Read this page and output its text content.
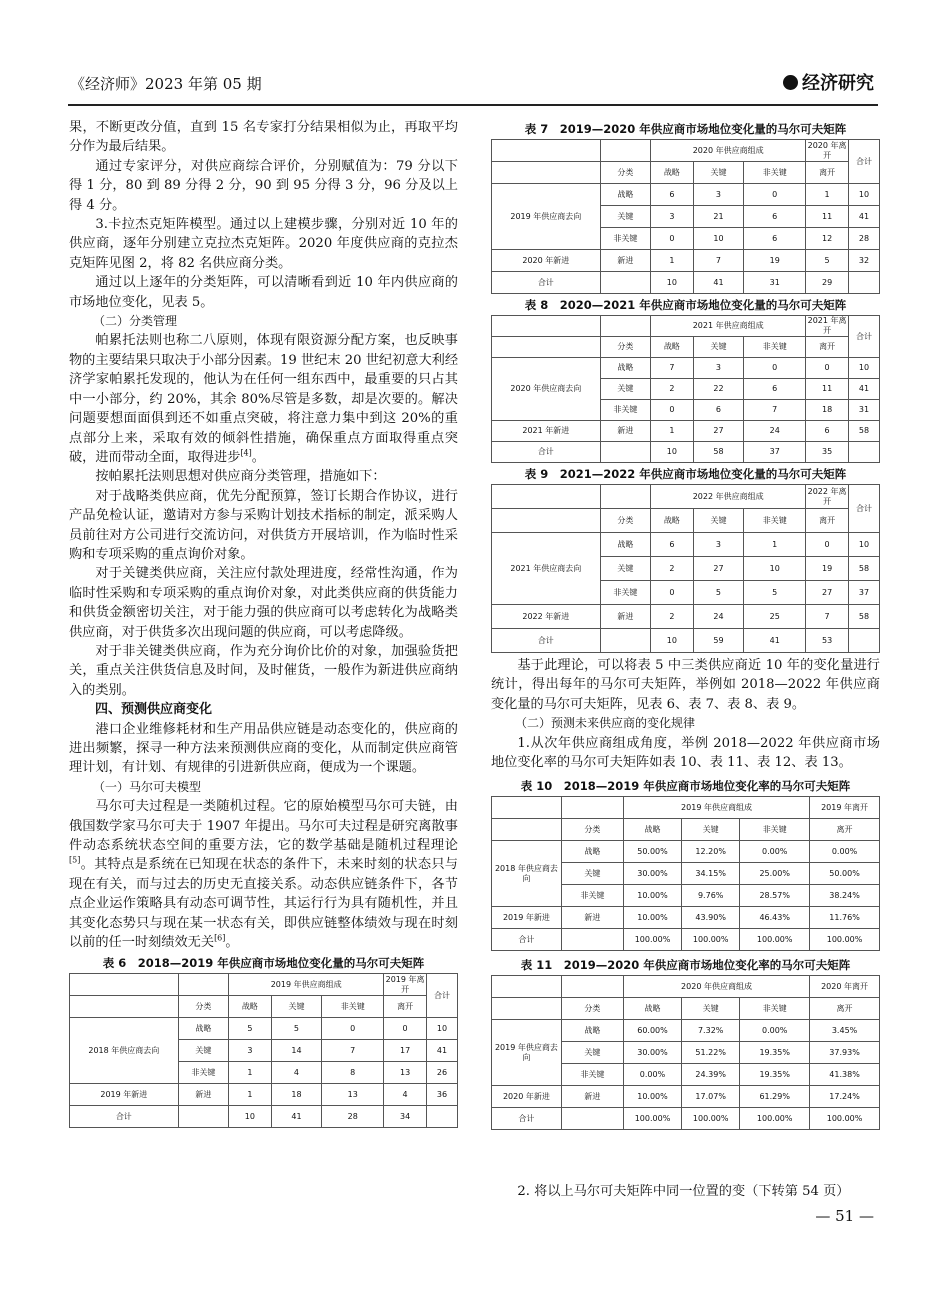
《经济师》2023 年第 05 期	经济研究

果，不断更改分值，直到 15 名专家打分结果相似为止，再取平均分作为最后结果。

通过专家评分，对供应商综合评价，分别赋值为：79 分以下得 1 分，80 到 89 分得 2 分，90 到 95 分得 3 分，96 分及以上得 4 分。

3.卡拉杰克矩阵模型。通过以上建模步骤，分别对近 10 年的供应商，逐年分别建立克拉杰克矩阵。2020 年度供应商的克拉杰克矩阵见图 2，将 82 名供应商分类。

通过以上逐年的分类矩阵，可以清晰看到近 10 年内供应商的市场地位变化，见表 5。

（二）分类管理

帕累托法则也称二八原则，体现有限资源分配方案，也反映事物的主要结果只取决于小部分因素。19 世纪末 20 世纪初意大利经济学家帕累托发现的，他认为在任何一组东西中，最重要的只占其中一小部分，约 20%，其余 80%尽管是多数，却是次要的。解决问题要想面面俱到还不如重点突破，将注意力集中到这 20%的重点部分上来，采取有效的倾斜性措施，确保重点方面取得重点突破，进而带动全面，取得进步[4]。

按帕累托法则思想对供应商分类管理，措施如下：

对于战略类供应商，优先分配预算，签订长期合作协议，进行产品免检认证，邀请对方参与采购计划技术指标的制定，派采购人员前往对方公司进行交流访问，对供货方开展培训，作为临时性采购和专项采购的重点询价对象。

对于关键类供应商，关注应付款处理进度，经常性沟通，作为临时性采购和专项采购的重点询价对象，对此类供应商的供货能力和供货金额密切关注，对于能力强的供应商可以考虑转化为战略类供应商，对于供货多次出现问题的供应商，可以考虑降级。

对于非关键类供应商，作为充分询价比价的对象，加强验货把关，重点关注供货信息及时间，及时催货，一般作为新进供应商纳入的类别。

四、预测供应商变化

港口企业维修耗材和生产用品供应链是动态变化的，供应商的进出频繁，探寻一种方法来预测供应商的变化，从而制定供应商管理计划，有计划、有规律的引进新供应商，便成为一个课题。

（一）马尔可夫模型

马尔可夫过程是一类随机过程。它的原始模型马尔可夫链，由俄国数学家马尔可夫于 1907 年提出。马尔可夫过程是研究离散事件动态系统状态空间的重要方法，它的数学基础是随机过程理论[5]。其特点是系统在已知现在状态的条件下，未来时刻的状态只与现在有关，而与过去的历史无直接关系。动态供应链条件下，各节点企业运作策略具有动态可调节性，其运行行为具有随机性，并且其变化态势只与现在某一状态有关，即供应链整体绩效与现在时刻以前的任一时刻绩效无关[6]。

表 6　2018—2019 年供应商市场地位变化量的马尔可夫矩阵
		2019 年供应商组成			2019 年离开	合计
	分类	战略	关键	非关键	离开	
2018 年供应商去向	战略	5	5	0	0	10
	关键	3	14	7	17	41
	非关键	1	4	8	13	26
2019 年新进	新进	1	18	13	4	36
合计		10	41	28	34	
表 7　2019—2020 年供应商市场地位变化量的马尔可夫矩阵
		2020 年供应商组成			2020 年离开	合计
	分类	战略	关键	非关键	离开	
2019 年供应商去向	战略	6	3	0	1	10
	关键	3	21	6	11	41
	非关键	0	10	6	12	28
2020 年新进	新进	1	7	19	5	32
合计		10	41	31	29	
表 8　2020—2021 年供应商市场地位变化量的马尔可夫矩阵
		2021 年供应商组成			2021 年离开	合计
	分类	战略	关键	非关键	离开	
2020 年供应商去向	战略	7	3	0	0	10
	关键	2	22	6	11	41
	非关键	0	6	7	18	31
2021 年新进	新进	1	27	24	6	58
合计		10	58	37	35	
表 9　2021—2022 年供应商市场地位变化量的马尔可夫矩阵
		2022 年供应商组成			2022 年离开	合计
	分类	战略	关键	非关键	离开	
2021 年供应商去向	战略	6	3	1	0	10
	关键	2	27	10	19	58
	非关键	0	5	5	27	37
2022 年新进	新进	2	24	25	7	58
合计		10	59	41	53	

基于此理论，可以将表 5 中三类供应商近 10 年的变化量进行统计，得出每年的马尔可夫矩阵，举例如 2018—2022 年供应商变化量的马尔可夫矩阵，见表 6、表 7、表 8、表 9。

（二）预测未来供应商的变化规律

1.从次年供应商组成角度，举例 2018—2022 年供应商市场地位变化率的马尔可夫矩阵如表 10、表 11、表 12、表 13。

表 10　2018—2019 年供应商市场地位变化率的马尔可夫矩阵
		2019 年供应商组成			2019 年离开
	分类	战略	关键	非关键	离开
2018 年供应商去向	战略	50.00%	12.20%	0.00%	0.00%
	关键	30.00%	34.15%	25.00%	50.00%
	非关键	10.00%	9.76%	28.57%	38.24%
2019 年新进	新进	10.00%	43.90%	46.43%	11.76%
合计		100.00%	100.00%	100.00%	100.00%
表 11　2019—2020 年供应商市场地位变化率的马尔可夫矩阵
		2020 年供应商组成			2020 年离开
	分类	战略	关键	非关键	离开
2019 年供应商去向	战略	60.00%	7.32%	0.00%	3.45%
	关键	30.00%	51.22%	19.35%	37.93%
	非关键	0.00%	24.39%	19.35%	41.38%
2020 年新进	新进	10.00%	17.07%	61.29%	17.24%
合计		100.00%	100.00%	100.00%	100.00%
2. 将以上马尔可夫矩阵中同一位置的变（下转第 54 页）
— 51 —
